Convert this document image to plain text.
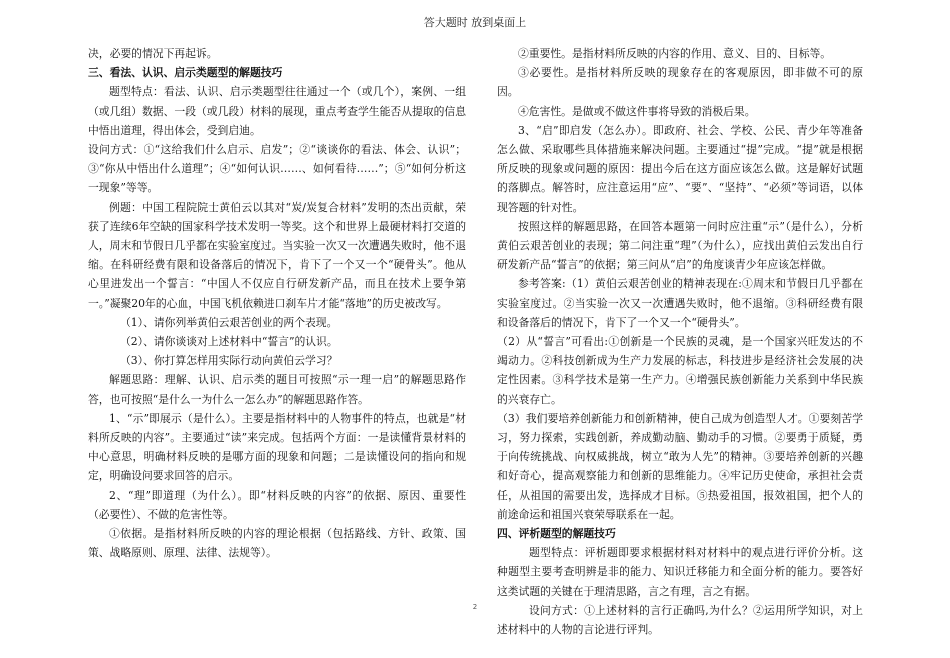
答大题时 放到桌面上

决，必要的情况下再起诉。

三、看法、认识、启示类题型的解题技巧

题型特点：看法、认识、启示类题型往往通过一个（或几个），案例、一组（或几组）数据、一段（或几段）材料的展现，重点考查学生能否从提取的信息中悟出道理，得出体会，受到启迪。

设问方式：①“这给我们什么启示、启发”；②“谈谈你的看法、体会、认识”；③“你从中悟出什么道理”；④“如何认识……、如何看待……”；⑤“如何分析这一现象”等等。

例题：中国工程院院士黄伯云以其对“炭/炭复合材料”发明的杰出贡献，荣获了连续6年空缺的国家科学技术发明一等奖。这个和世界上最硬材料打交道的人，周末和节假日几乎都在实验室度过。当实验一次又一次遭遇失败时，他不退缩。在科研经费有限和设备落后的情况下，肯下了一个又一个“硬骨头”。他从心里进发出一个誓言：“中国人不仅应自行研发新产品，而且在技术上要争第一。”凝聚20年的心血，中国飞机依赖进口刹车片才能“落地”的历史被改写。

（1）、请你列举黄伯云艰苦创业的两个表现。

（2）、请你谈谈对上述材料中“誓言”的认识。

（3）、你打算怎样用实际行动向黄伯云学习？

解题思路：理解、认识、启示类的题目可按照“示一理一启”的解题思路作答，也可按照“是什么一为什么一怎么办”的解题思路作答。

1、“示”即展示（是什么）。主要是指材料中的人物事件的特点，也就是“材料所反映的内容”。主要通过“读”来完成。包括两个方面：一是读懂背景材料的中心意思，明确材料反映的是哪方面的现象和问题；二是读懂设问的指向和规定，明确设问要求回答的启示。

2、“理”即道理（为什么）。即“材料反映的内容”的依据、原因、重要性（必要性）、不做的危害性等。

①依据。是指材料所反映的内容的理论根据（包括路线、方针、政策、国策、战略原则、原理、法律、法规等）。

②重要性。是指材料所反映的内容的作用、意义、目的、目标等。

③必要性。是指材料所反映的现象存在的客观原因，即非做不可的原因。

④危害性。是做或不做这件事将导致的消极后果。

3、“启”即启发（怎么办）。即政府、社会、学校、公民、青少年等准备怎么做、采取哪些具体措施来解决问题。主要通过“提”完成。“提”就是根据所反映的现象或问题的原因：提出今后在这方面应该怎么做。这是解好试题的落脚点。解答时，应注意运用“应”、“要”、“坚持”、“必须”等词语，以体现答题的针对性。

按照这样的解题思路，在回答本题第一问时应注重“示”（是什么），分析黄伯云艰苦创业的表现；第二问注重“理”（为什么），应找出黄伯云发出自行研发新产品“誓言”的依据；第三问从“启”的角度谈青少年应该怎样做。

参考答案:（1）黄伯云艰苦创业的精神表现在:①周末和节假日几乎都在实验室度过。②当实验一次又一次遭遇失败时，他不退缩。③科研经费有限和设备落后的情况下，肯下了一个又一个“硬骨头”。

（2）从“誓言”可看出:①创新是一个民族的灵魂，是一个国家兴旺发达的不竭动力。②科技创新成为生产力发展的标志，科技进步是经济社会发展的决定性因素。③科学技术是第一生产力。④增强民族创新能力关系到中华民族的兴衰存亡。

（3）我们要培养创新能力和创新精神，使自己成为创造型人才。①要刻苦学习，努力探索，实践创新，养成勤动脑、勤动手的习惯。②要勇于质疑，勇于向传统挑战、向权威挑战，树立“敢为人先”的精神。③要培养创新的兴趣和好奇心，提高观察能力和创新的思维能力。④牢记历史使命，承担社会责任，从祖国的需要出发，选择成才目标。⑤热爱祖国，报效祖国，把个人的前途命运和祖国兴衰荣辱联系在一起。

四、评析题型的解题技巧

题型特点：评析题即要求根据材料对材料中的观点进行评价分析。这种题型主要考查明辨是非的能力、知识迁移能力和全面分析的能力。要答好这类试题的关键在于理清思路，言之有理，言之有据。

设问方式：①上述材料的言行正确吗,为什么？②运用所学知识，对上述材料中的人物的言论进行评判。

2
